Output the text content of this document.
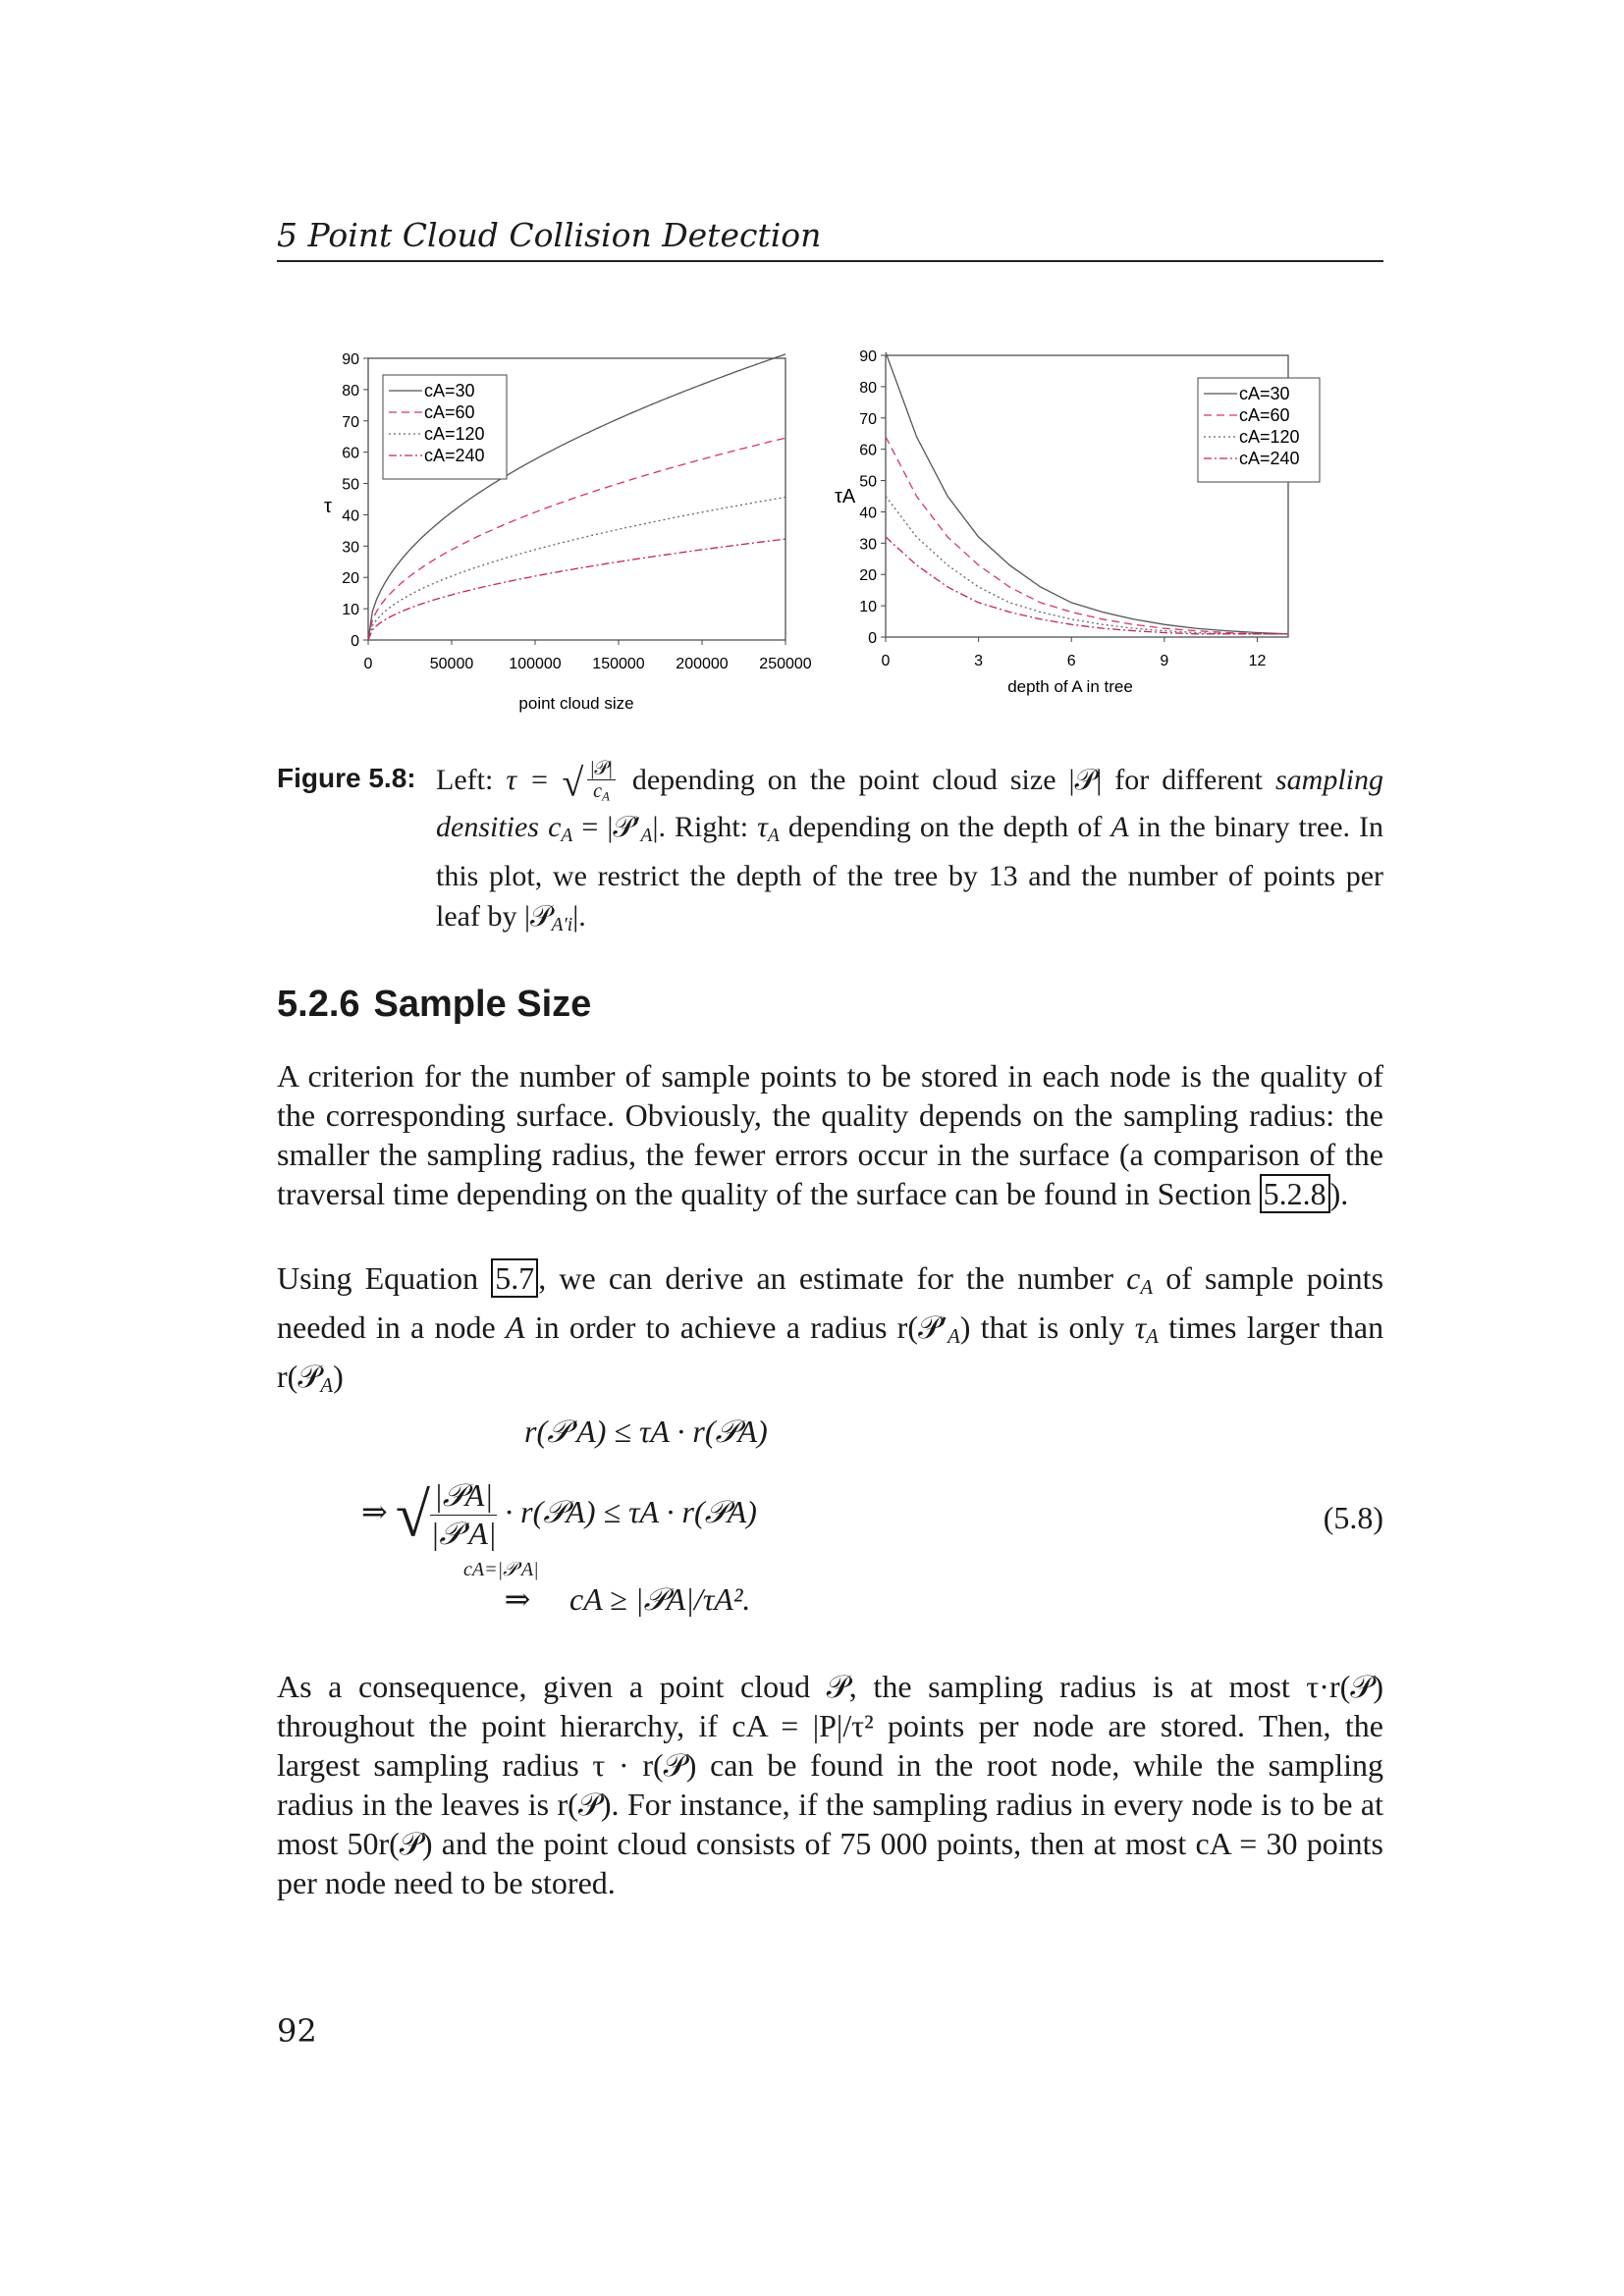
5 Point Cloud Collision Detection
0
10
20
30
40
50
60
70
80
90
0	50000 100000 150000 200000 250000
τ
point cloud size
cA=30
cA=60
cA=120
cA=240
0
10
20
30
40
50
60
70
80
90
0	3	6	9	12
τA
depth of A in tree
cA=30
cA=60
cA=120
cA=240
Figure 5.8: Left: τ = √ $\frac{\text{|𝒫|}}{c_A}$ depending on the point cloud size |𝒫| for different sampling densities $c_A$ = $|𝒫'_A|$. Right: $\tau_A$ depending on the depth of A in the binary tree. In this plot, we restrict the depth of the tree by 13 and the number of points per leaf by |𝒫$_{A'i}$|.
5.2.6 Sample Size
A criterion for the number of sample points to be stored in each node is the quality of the corresponding surface. Obviously, the quality depends on the sampling radius: the smaller the sampling radius, the fewer errors occur in the surface (a comparison of the traversal time depending on the quality of the surface can be found in Section 5.2.8 ).
Using Equation 5.7 , we can derive an estimate for the number $c_A$ of sample points needed in a node A in order to achieve a radius $r(𝒫'_A)$ that is only $\tau_A$ times larger than r(𝒫$_A$)
r(𝒫′A) ≤ τA · r(𝒫A)
⇒ √ $\frac{\text{|𝒫A|}}{\text{|𝒫′A|}}$ · r(𝒫A) ≤ τA · r(𝒫A)
cA=|𝒫′A|
⇒ cA ≥ |𝒫A|/τA².
(5.8)
As a consequence, given a point cloud 𝒫, the sampling radius is at most τ·r(𝒫) throughout the point hierarchy, if cA = |P|/τ² points per node are stored. Then, the largest sampling radius τ · r(𝒫) can be found in the root node, while the sampling radius in the leaves is r(𝒫). For instance, if the sampling radius in every node is to be at most 50r(𝒫) and the point cloud consists of 75 000 points, then at most cA = 30 points per node need to be stored.
92
